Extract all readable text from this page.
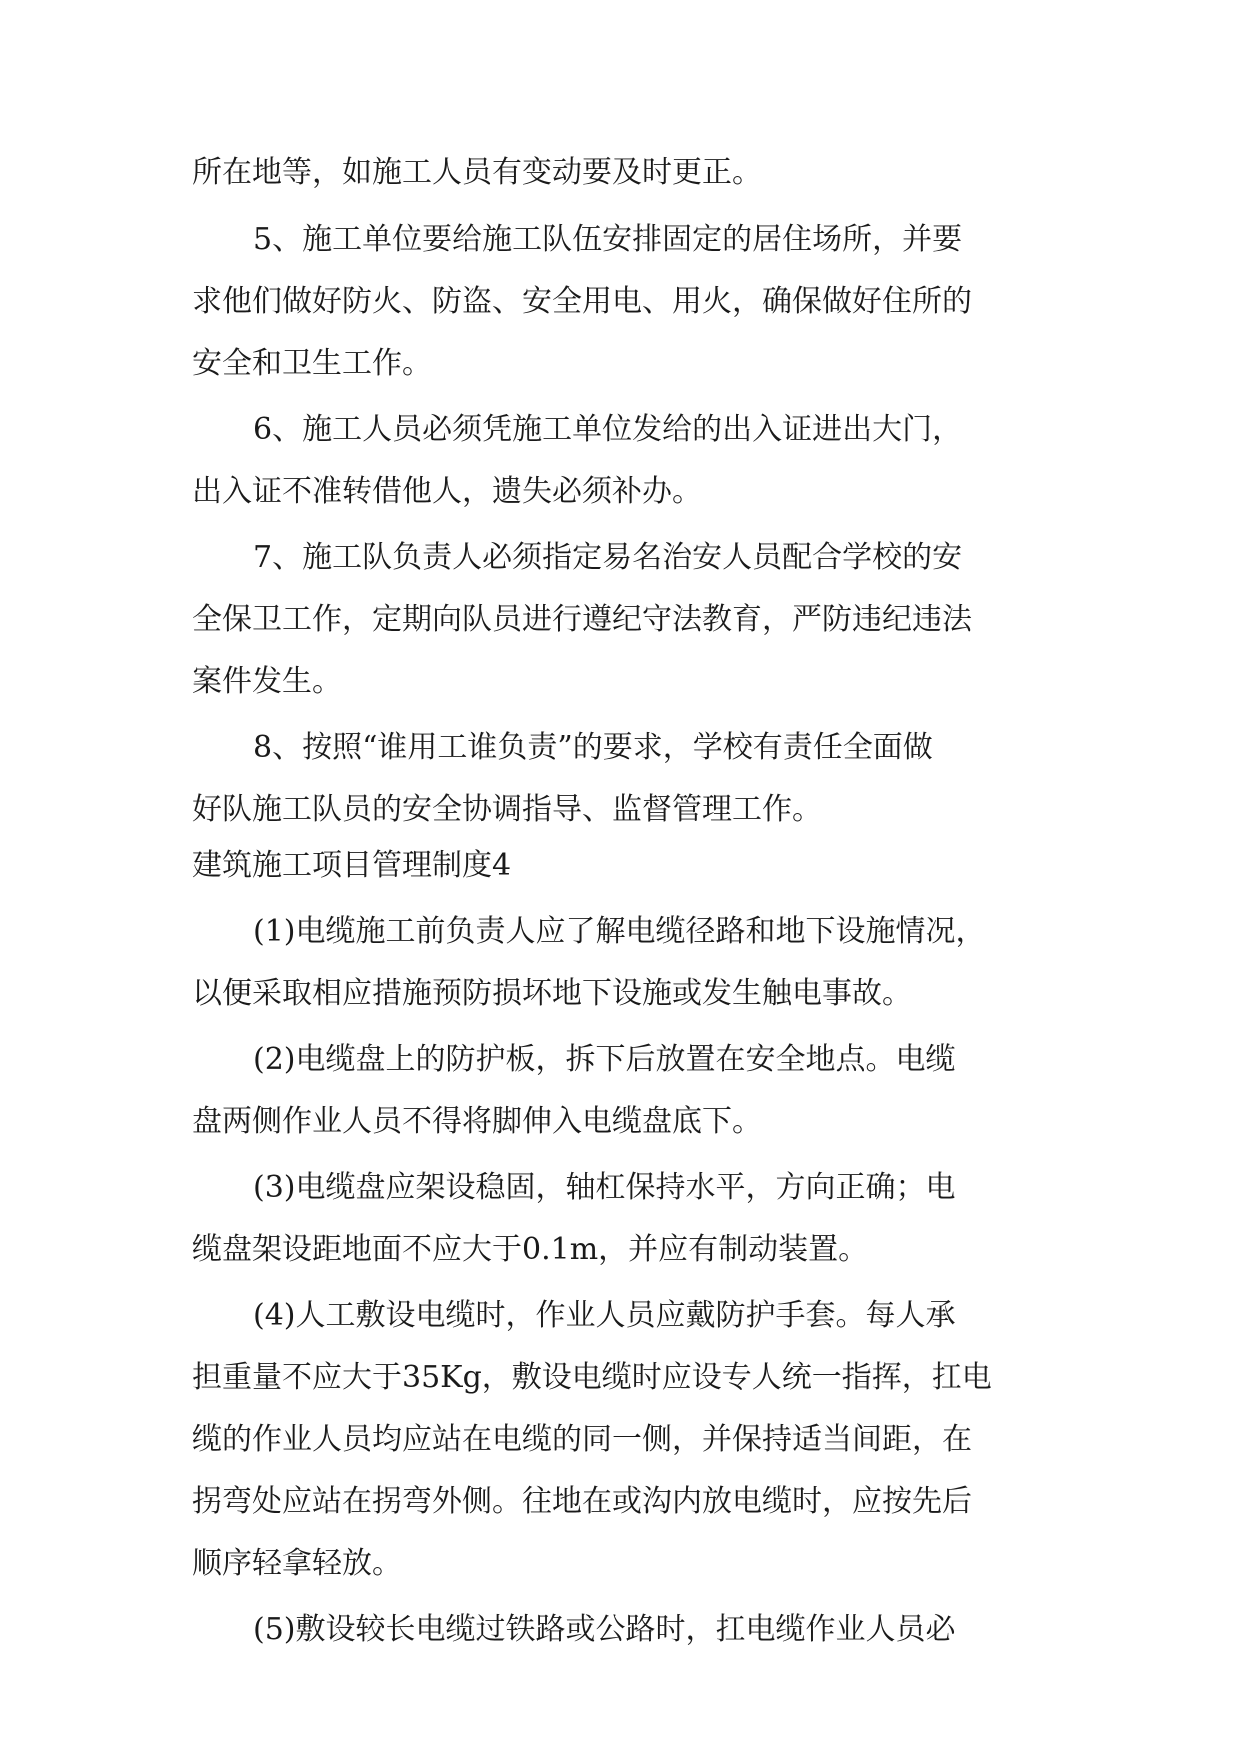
所在地等，如施工人员有变动要及时更正。
5、施工单位要给施工队伍安排固定的居住场所，并要
求他们做好防火、防盗、安全用电、用火，确保做好住所的
安全和卫生工作。
6、施工人员必须凭施工单位发给的出入证进出大门，
出入证不准转借他人，遗失必须补办。
7、施工队负责人必须指定易名治安人员配合学校的安
全保卫工作，定期向队员进行遵纪守法教育，严防违纪违法
案件发生。
8、按照“谁用工谁负责”的要求，学校有责任全面做
好队施工队员的安全协调指导、监督管理工作。
建筑施工项目管理制度4
(1)电缆施工前负责人应了解电缆径路和地下设施情况，
以便采取相应措施预防损坏地下设施或发生触电事故。
(2)电缆盘上的防护板，拆下后放置在安全地点。电缆
盘两侧作业人员不得将脚伸入电缆盘底下。
(3)电缆盘应架设稳固，轴杠保持水平，方向正确；电
缆盘架设距地面不应大于0.1m，并应有制动装置。
(4)人工敷设电缆时，作业人员应戴防护手套。每人承
担重量不应大于35Kg，敷设电缆时应设专人统一指挥，扛电
缆的作业人员均应站在电缆的同一侧，并保持适当间距，在
拐弯处应站在拐弯外侧。往地在或沟内放电缆时，应按先后
顺序轻拿轻放。
(5)敷设较长电缆过铁路或公路时，扛电缆作业人员必
